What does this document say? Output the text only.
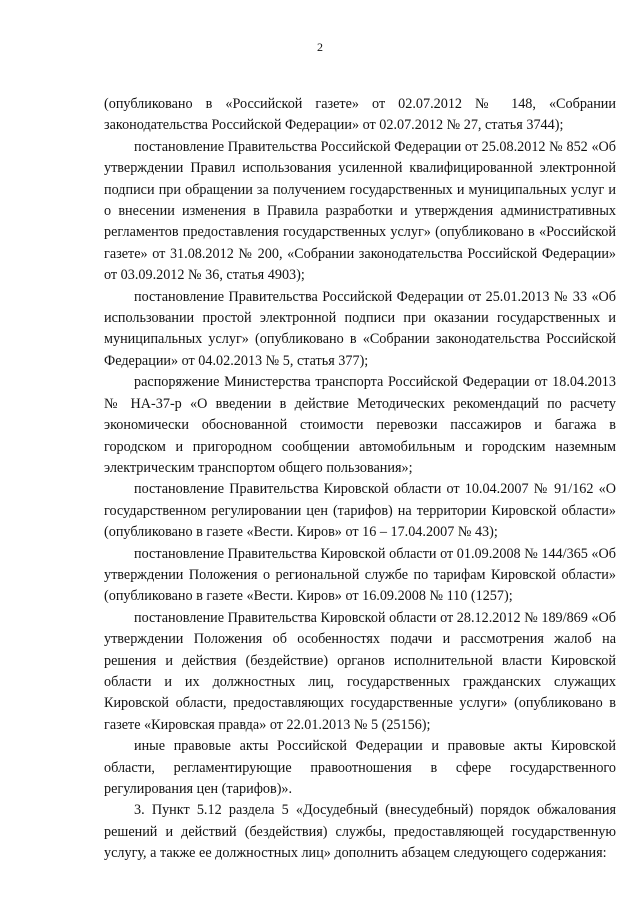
2

(опубликовано в «Российской газете» от 02.07.2012 № 148, «Собрании законодательства Российской Федерации» от 02.07.2012 № 27, статья 3744);

постановление Правительства Российской Федерации от 25.08.2012 № 852 «Об утверждении Правил использования усиленной квалифицированной электронной подписи при обращении за получением государственных и муниципальных услуг и о внесении изменения в Правила разработки и утверждения административных регламентов предоставления государственных услуг» (опубликовано в «Российской газете» от 31.08.2012 № 200, «Собрании законодательства Российской Федерации» от 03.09.2012 № 36, статья 4903);

постановление Правительства Российской Федерации от 25.01.2013 № 33 «Об использовании простой электронной подписи при оказании государственных и муниципальных услуг» (опубликовано в «Собрании законодательства Российской Федерации» от 04.02.2013 № 5, статья 377);

распоряжение Министерства транспорта Российской Федерации от 18.04.2013 № НА-37-р «О введении в действие Методических рекомендаций по расчету экономически обоснованной стоимости перевозки пассажиров и багажа в городском и пригородном сообщении автомобильным и городским наземным электрическим транспортом общего пользования»;

постановление Правительства Кировской области от 10.04.2007 № 91/162 «О государственном регулировании цен (тарифов) на территории Кировской области» (опубликовано в газете «Вести. Киров» от 16 – 17.04.2007 № 43);

постановление Правительства Кировской области от 01.09.2008 № 144/365 «Об утверждении Положения о региональной службе по тарифам Кировской области» (опубликовано в газете «Вести. Киров» от 16.09.2008 № 110 (1257);

постановление Правительства Кировской области от 28.12.2012 № 189/869 «Об утверждении Положения об особенностях подачи и рассмотрения жалоб на решения и действия (бездействие) органов исполнительной власти Кировской области и их должностных лиц, государственных гражданских служащих Кировской области, предоставляющих государственные услуги» (опубликовано в газете «Кировская правда» от 22.01.2013 № 5 (25156);

иные правовые акты Российской Федерации и правовые акты Кировской области, регламентирующие правоотношения в сфере государственного регулирования цен (тарифов)».

3. Пункт 5.12 раздела 5 «Досудебный (внесудебный) порядок обжалования решений и действий (бездействия) службы, предоставляющей государственную услугу, а также ее должностных лиц» дополнить абзацем следующего содержания:
